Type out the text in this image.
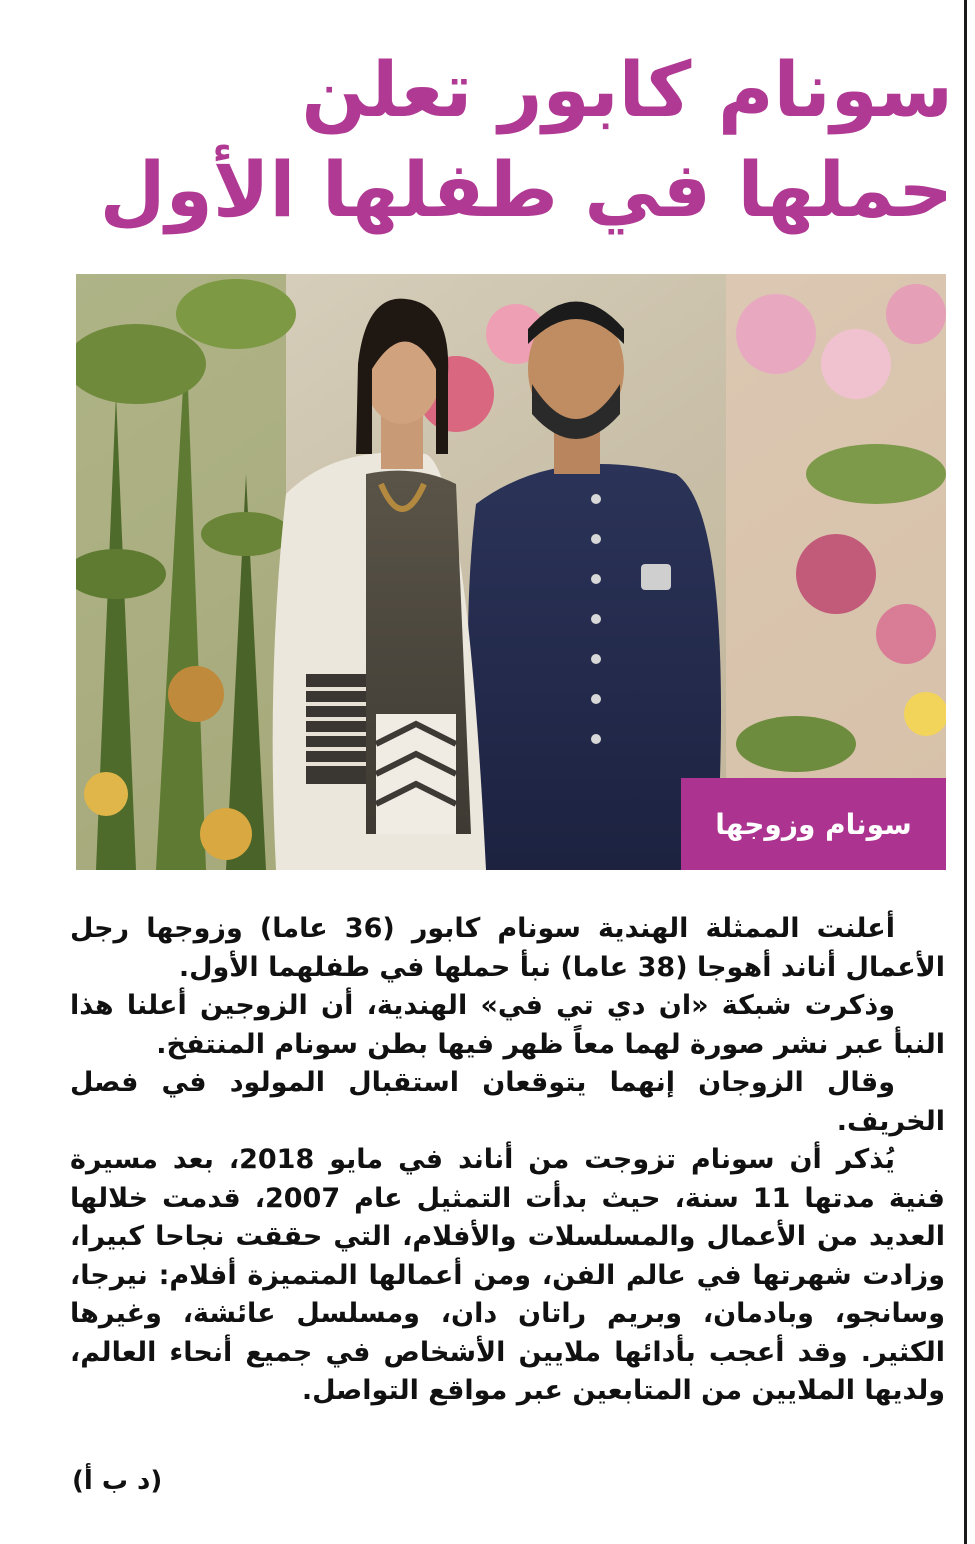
سونام كابور تعلن حملها في طفلها الأول
سونام وزوجها

أعلنت الممثلة الهندية سونام كابور (36 عاما) وزوجها رجل الأعمال أناند أهوجا (38 عاما) نبأ حملها في طفلهما الأول.

وذكرت شبكة «ان دي تي في» الهندية، أن الزوجين أعلنا هذا النبأ عبر نشر صورة لهما معاً ظهر فيها بطن سونام المنتفخ.

وقال الزوجان إنهما يتوقعان استقبال المولود في فصل الخريف.

يُذكر أن سونام تزوجت من أناند في مايو 2018، بعد مسيرة فنية مدتها 11 سنة، حيث بدأت التمثيل عام 2007، قدمت خلالها العديد من الأعمال والمسلسلات والأفلام، التي حققت نجاحا كبيرا، وزادت شهرتها في عالم الفن، ومن أعمالها المتميزة أفلام: نيرجا، وسانجو، وبادمان، وبريم راتان دان، ومسلسل عائشة، وغيرها الكثير. وقد أعجب بأدائها ملايين الأشخاص في جميع أنحاء العالم، ولديها الملايين من المتابعين عبر مواقع التواصل.

(د ب أ)
